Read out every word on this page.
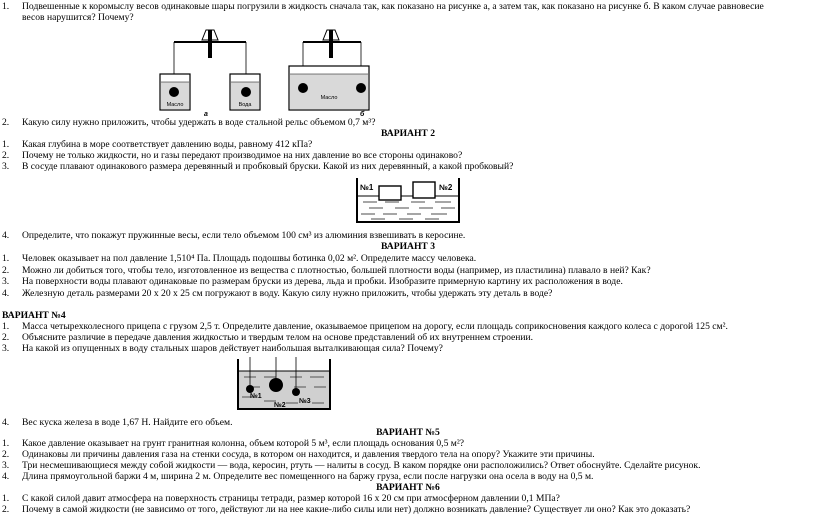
1. Подвешенные к коромыслу весов одинаковые шары погрузили в жидкость сначала так, как показано на рисунке а, а затем так, как показано на рисунке б. В каком случае равновесие
весов нарушится? Почему?
Масло	Вода
а
Масло
б
2. Какую силу нужно приложить, чтобы удержать в воде стальной рельс объемом 0,7 м³?
ВАРИАНТ 2
1. Какая глубина в море соответствует давлению воды, равному 412 кПа?
2. Почему не только жидкости, но и газы передают производимое на них давление во все стороны одинаково?
3. В сосуде плавают одинакового размера деревянный и пробковый бруски. Какой из них деревянный, а какой пробковый?
№1	№2
4. Определите, что покажут пружинные весы, если тело объемом 100 см³ из алюминия взвешивать в керосине.
ВАРИАНТ 3
1. Человек оказывает на пол давление 1,510⁴ Па. Площадь подошвы ботинка 0,02 м². Определите массу человека.
2. Можно ли добиться того, чтобы тело, изготовленное из вещества с плотностью, большей плотности воды (например, из пластилина) плавало в ней? Как?
3. На поверхности воды плавают одинаковые по размерам бруски из дерева, льда и пробки. Изобразите примерную картину их расположения в воде.
4. Железную деталь размерами 20 х 20 х 25 см погружают в воду. Какую силу нужно приложить, чтобы удержать эту деталь в воде?
ВАРИАНТ №4
1. Масса четырехколесного прицепа с грузом 2,5 т. Определите давление, оказываемое прицепом на дорогу, если площадь соприкосновения каждого колеса с дорогой 125 см².
2. Объясните различие в передаче давления жидкостью и твердым телом на основе представлений об их внутреннем строении.
3. На какой из опущенных в воду стальных шаров действует наибольшая выталкивающая сила? Почему?
№1
№2
№3
4. Вес куска железа в воде 1,67 Н. Найдите его объем.
ВАРИАНТ №5
1. Какое давление оказывает на грунт гранитная колонна, объем которой 5 м³, если площадь основания 0,5 м²?
2. Одинаковы ли причины давления газа на стенки сосуда, в котором он находится, и давления твердого тела на опору? Укажите эти причины.
3. Три несмешивающиеся между собой жидкости — вода, керосин, ртуть — налиты в сосуд. В каком порядке они расположились? Ответ обоснуйте. Сделайте рисунок.
4. Длина прямоугольной баржи 4 м, ширина 2 м. Определите вес помещенного на баржу груза, если после нагрузки она осела в воду на 0,5 м.
ВАРИАНТ №6
1. С какой силой давит атмосфера на поверхность страницы тетради, размер которой 16 х 20 см при атмосферном давлении 0,1 МПа?
2. Почему в самой жидкости (не зависимо от того, действуют ли на нее какие-либо силы или нет) должно возникать давление? Существует ли оно? Как это доказать?
